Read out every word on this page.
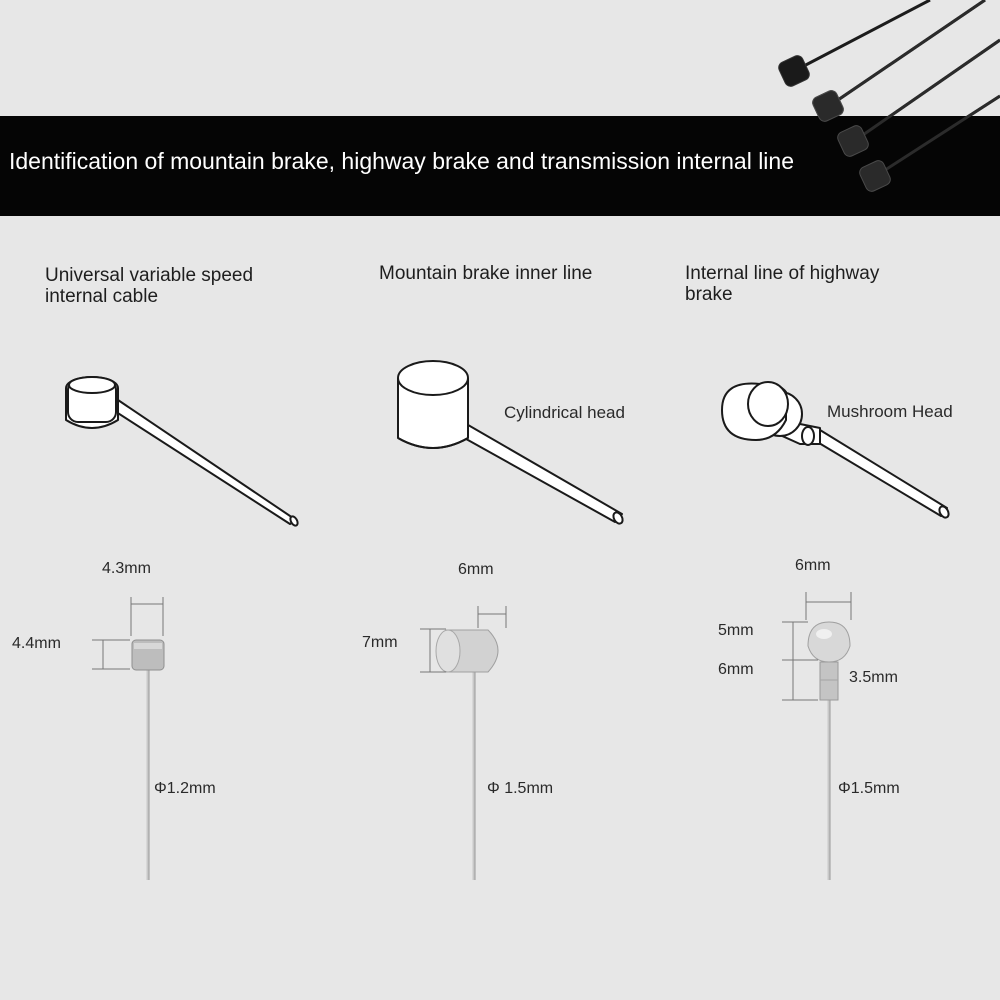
Identification of mountain brake, highway brake and transmission internal line
Universal variable speed
internal cable
Mountain brake inner line	Internal line of highway
brake
Cylindrical head	Mushroom Head
4.3mm
4.4mm
Φ1.2mm
6mm
7mm
Φ 1.5mm
6mm
5mm
6mm	3.5mm
Φ1.5mm
